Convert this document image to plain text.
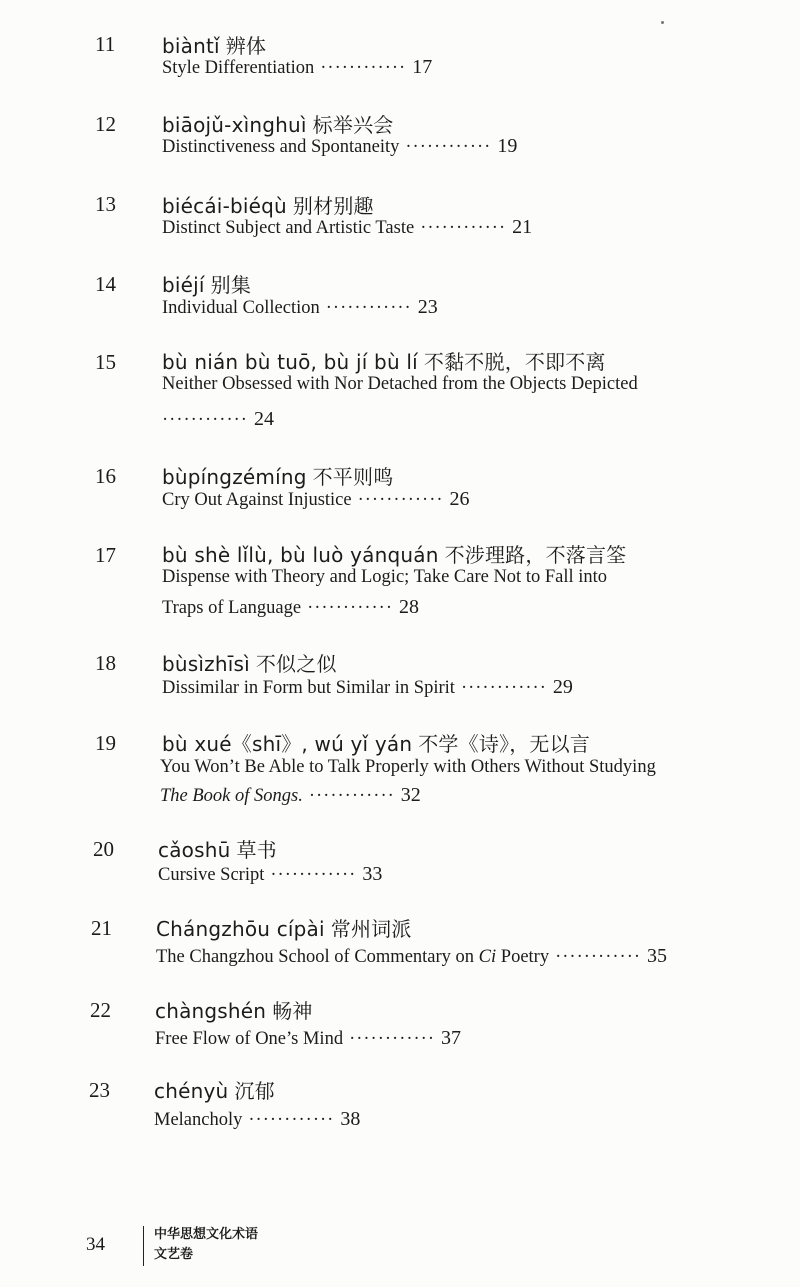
11	biàntǐ 辨体
Style Differentiation ············ 17
12	biāojǔ-xìnghuì 标举兴会
Distinctiveness and Spontaneity ············ 19
13	biécái-biéqù 别材别趣
Distinct Subject and Artistic Taste ············ 21
14	biéjí 别集
Individual Collection ············ 23
15	bù nián bù tuō, bù jí bù lí 不黏不脱，不即不离
Neither Obsessed with Nor Detached from the Objects Depicted
············ 24
16	bùpíngzémíng 不平则鸣
Cry Out Against Injustice ············ 26
17	bù shè lǐlù, bù luò yánquán 不涉理路，不落言筌
Dispense with Theory and Logic; Take Care Not to Fall into
Traps of Language ············ 28
18	bùsìzhīsì 不似之似
Dissimilar in Form but Similar in Spirit ············ 29
19	bù xué《shī》, wú yǐ yán 不学《诗》，无以言
You Won’t Be Able to Talk Properly with Others Without Studying
The Book of Songs. ············ 32
20	cǎoshū 草书
Cursive Script ············ 33
21	Chángzhōu cípài 常州词派
The Changzhou School of Commentary on Ci Poetry ············ 35
22	chàngshén 畅神
Free Flow of One’s Mind ············ 37
23	chényù 沉郁
Melancholy ············ 38
34	中华思想文化术语
文艺卷
